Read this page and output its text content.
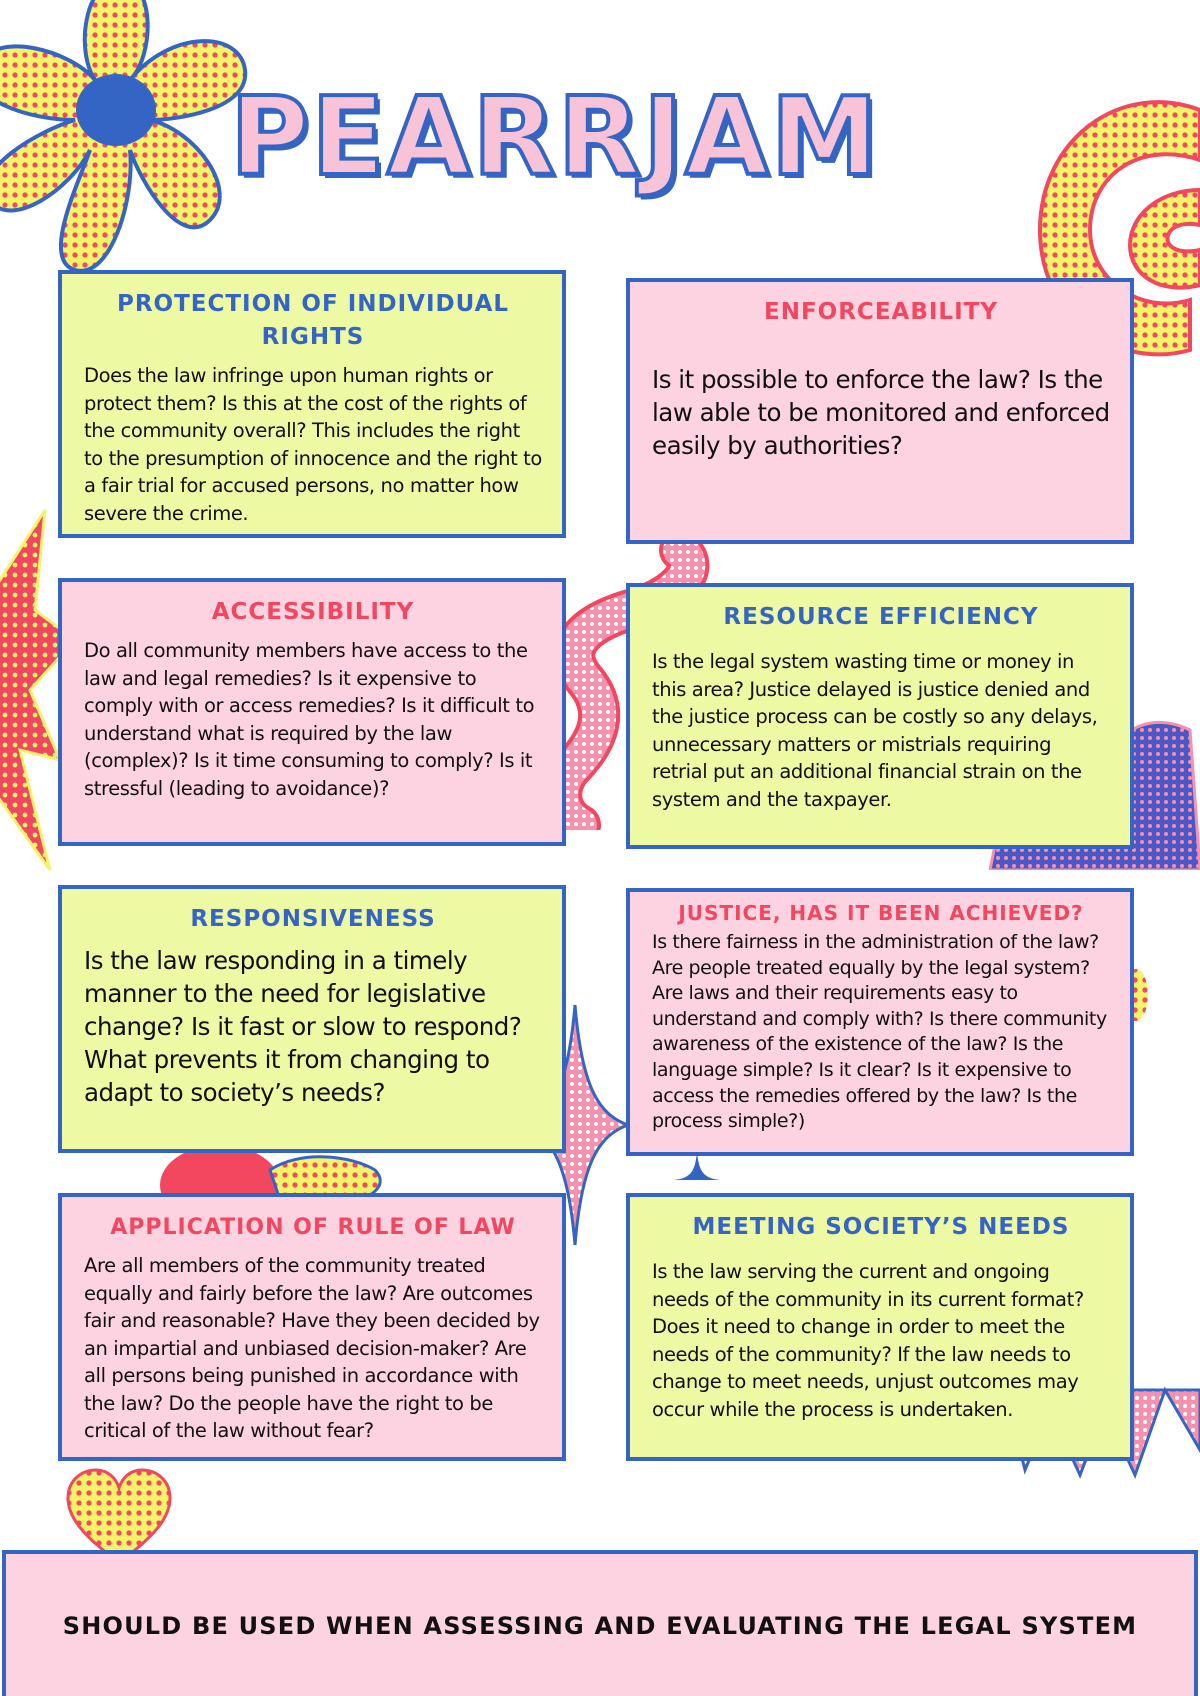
PEARRJAM
PROTECTION OF INDIVIDUAL RIGHTS

Does the law infringe upon human rights or protect them? Is this at the cost of the rights of the community overall? This includes the right to the presumption of innocence and the right to a fair trial for accused persons, no matter how severe the crime.

ENFORCEABILITY

Is it possible to enforce the law? Is the law able to be monitored and enforced easily by authorities?

ACCESSIBILITY

Do all community members have access to the law and legal remedies? Is it expensive to comply with or access remedies? Is it difficult to understand what is required by the law (complex)? Is it time consuming to comply? Is it stressful (leading to avoidance)?

RESOURCE EFFICIENCY

Is the legal system wasting time or money in this area? Justice delayed is justice denied and the justice process can be costly so any delays, unnecessary matters or mistrials requiring retrial put an additional financial strain on the system and the taxpayer.

RESPONSIVENESS

Is the law responding in a timely manner to the need for legislative change? Is it fast or slow to respond? What prevents it from changing to adapt to society’s needs?

JUSTICE, HAS IT BEEN ACHIEVED?

Is there fairness in the administration of the law? Are people treated equally by the legal system? Are laws and their requirements easy to understand and comply with? Is there community awareness of the existence of the law? Is the language simple? Is it clear? Is it expensive to access the remedies offered by the law? Is the process simple?)

APPLICATION OF RULE OF LAW

Are all members of the community treated equally and fairly before the law? Are outcomes fair and reasonable? Have they been decided by an impartial and unbiased decision-maker? Are all persons being punished in accordance with the law? Do the people have the right to be critical of the law without fear?

MEETING SOCIETY’S NEEDS

Is the law serving the current and ongoing needs of the community in its current format? Does it need to change in order to meet the needs of the community? If the law needs to change to meet needs, unjust outcomes may occur while the process is undertaken.

SHOULD BE USED WHEN ASSESSING AND EVALUATING THE LEGAL SYSTEM
